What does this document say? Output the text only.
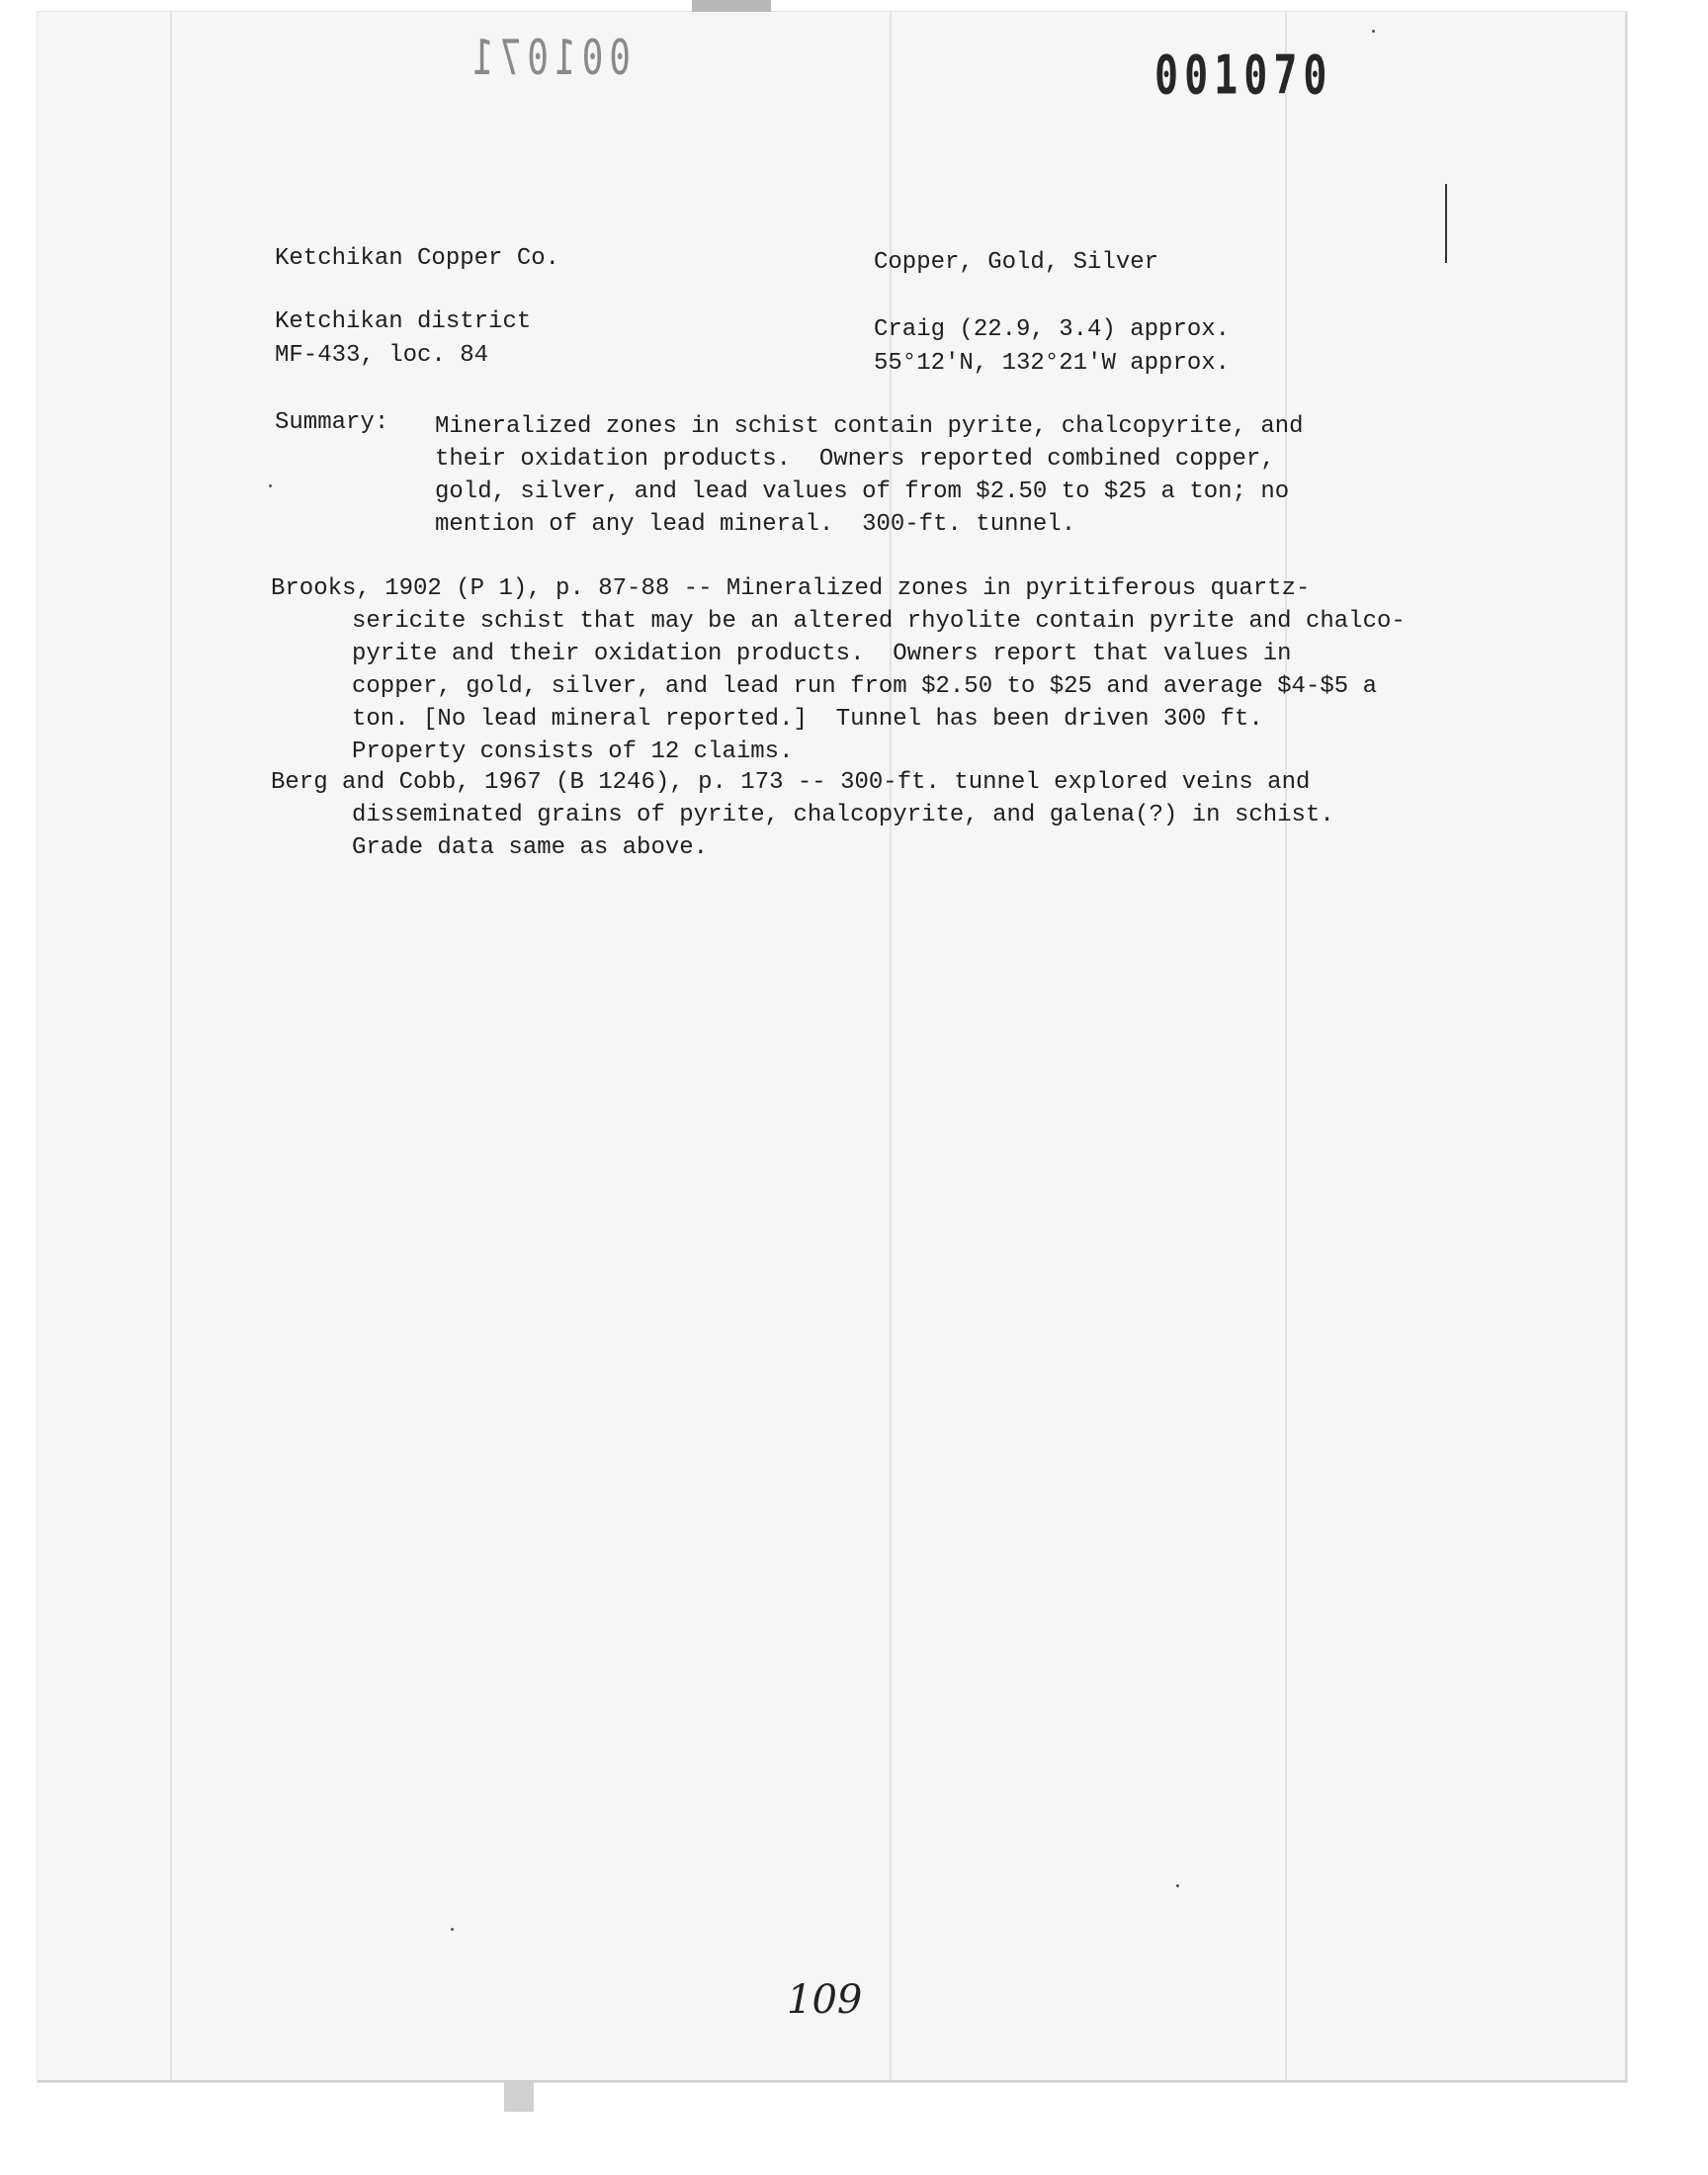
001071	001070
Ketchikan Copper Co.	Copper, Gold, Silver
Ketchikan district
MF-433, loc. 84
Craig (22.9, 3.4) approx.
55°12'N, 132°21'W approx.
Summary: Mineralized zones in schist contain pyrite, chalcopyrite, and
their oxidation products.  Owners reported combined copper,
gold, silver, and lead values of from $2.50 to $25 a ton; no
mention of any lead mineral.  300-ft. tunnel.
Brooks, 1902 (P 1), p. 87-88 -- Mineralized zones in pyritiferous quartz-
sericite schist that may be an altered rhyolite contain pyrite and chalco-
pyrite and their oxidation products.  Owners report that values in
copper, gold, silver, and lead run from $2.50 to $25 and average $4-$5 a
ton. [No lead mineral reported.]  Tunnel has been driven 300 ft.
Property consists of 12 claims.
Berg and Cobb, 1967 (B 1246), p. 173 -- 300-ft. tunnel explored veins and
disseminated grains of pyrite, chalcopyrite, and galena(?) in schist.
Grade data same as above.
109
